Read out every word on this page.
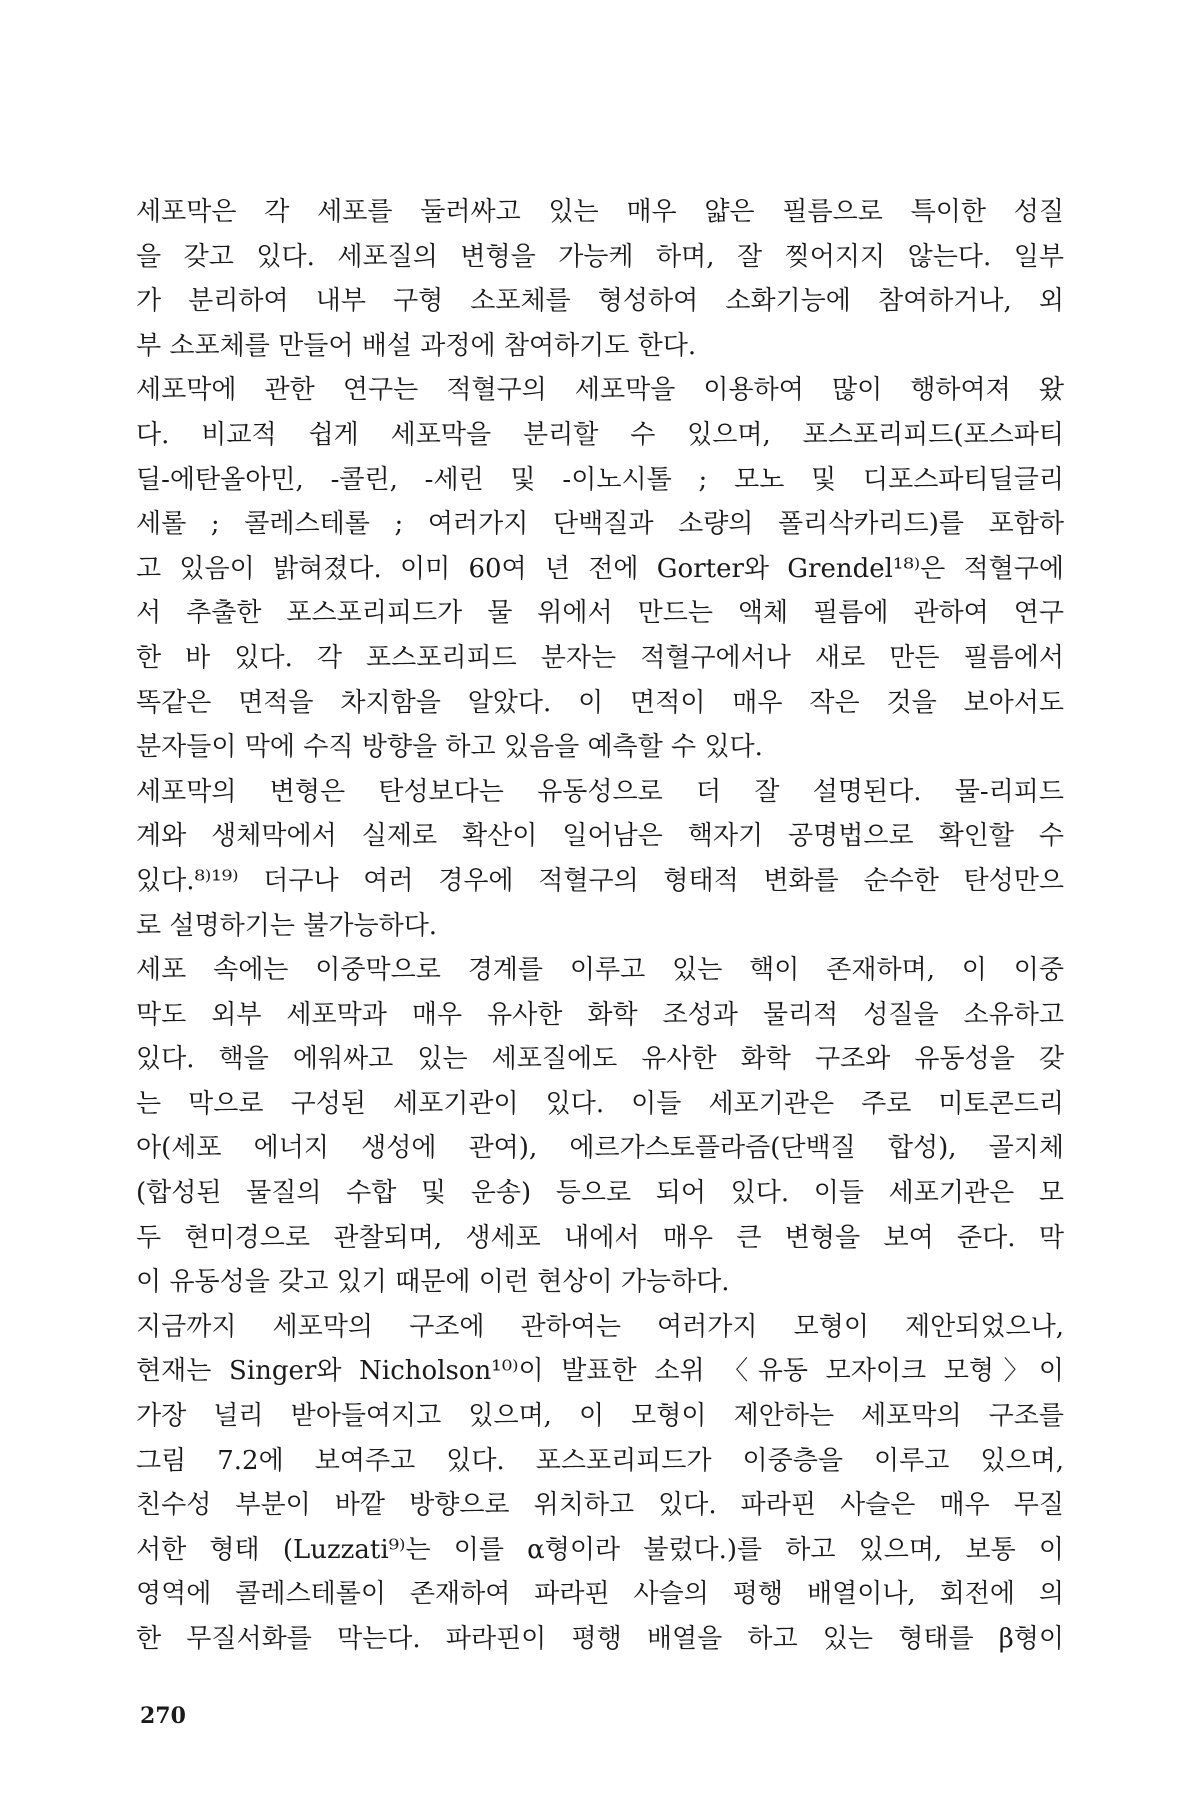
세포막은 각 세포를 둘러싸고 있는 매우 얇은 필름으로 특이한 성질
을 갖고 있다. 세포질의 변형을 가능케 하며, 잘 찢어지지 않는다. 일부
가 분리하여 내부 구형 소포체를 형성하여 소화기능에 참여하거나, 외
부 소포체를 만들어 배설 과정에 참여하기도 한다.
세포막에 관한 연구는 적혈구의 세포막을 이용하여 많이 행하여져 왔
다. 비교적 쉽게 세포막을 분리할 수 있으며, 포스포리피드(포스파티
딜-에탄올아민, -콜린, -세린 및 -이노시톨 ; 모노 및 디포스파티딜글리
세롤 ; 콜레스테롤 ; 여러가지 단백질과 소량의 폴리삭카리드)를 포함하
고 있음이 밝혀졌다. 이미 60여 년 전에 Gorter와 Grendel¹⁸⁾은 적혈구에
서 추출한 포스포리피드가 물 위에서 만드는 액체 필름에 관하여 연구
한 바 있다. 각 포스포리피드 분자는 적혈구에서나 새로 만든 필름에서
똑같은 면적을 차지함을 알았다. 이 면적이 매우 작은 것을 보아서도
분자들이 막에 수직 방향을 하고 있음을 예측할 수 있다.
세포막의 변형은 탄성보다는 유동성으로 더 잘 설명된다. 물-리피드
계와 생체막에서 실제로 확산이 일어남은 핵자기 공명법으로 확인할 수
있다.⁸⁾¹⁹⁾ 더구나 여러 경우에 적혈구의 형태적 변화를 순수한 탄성만으
로 설명하기는 불가능하다.
세포 속에는 이중막으로 경계를 이루고 있는 핵이 존재하며, 이 이중
막도 외부 세포막과 매우 유사한 화학 조성과 물리적 성질을 소유하고
있다. 핵을 에워싸고 있는 세포질에도 유사한 화학 구조와 유동성을 갖
는 막으로 구성된 세포기관이 있다. 이들 세포기관은 주로 미토콘드리
아(세포 에너지 생성에 관여), 에르가스토플라즘(단백질 합성), 골지체
(합성된 물질의 수합 및 운송) 등으로 되어 있다. 이들 세포기관은 모
두 현미경으로 관찰되며, 생세포 내에서 매우 큰 변형을 보여 준다. 막
이 유동성을 갖고 있기 때문에 이런 현상이 가능하다.
지금까지 세포막의 구조에 관하여는 여러가지 모형이 제안되었으나,
현재는 Singer와 Nicholson¹⁰⁾이 발표한 소위 〈유동 모자이크 모형〉이
가장 널리 받아들여지고 있으며, 이 모형이 제안하는 세포막의 구조를
그림 7.2에 보여주고 있다. 포스포리피드가 이중층을 이루고 있으며,
친수성 부분이 바깥 방향으로 위치하고 있다. 파라핀 사슬은 매우 무질
서한 형태 (Luzzati⁹⁾는 이를 α형이라 불렀다.)를 하고 있으며, 보통 이
영역에 콜레스테롤이 존재하여 파라핀 사슬의 평행 배열이나, 회전에 의
한 무질서화를 막는다. 파라핀이 평행 배열을 하고 있는 형태를 β형이
270
